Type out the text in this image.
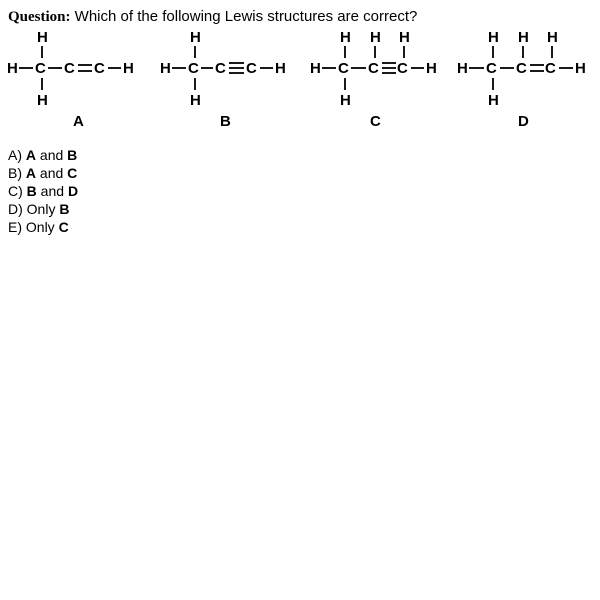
Question: Which of the following Lewis structures are correct?
H
H C C C H
H
A
H
H C C C H
H
B
H H H
H C C C H
H
C
H H H
H C C C H
H
D
A) A and B
B) A and C
C) B and D
D) Only B
E) Only C
